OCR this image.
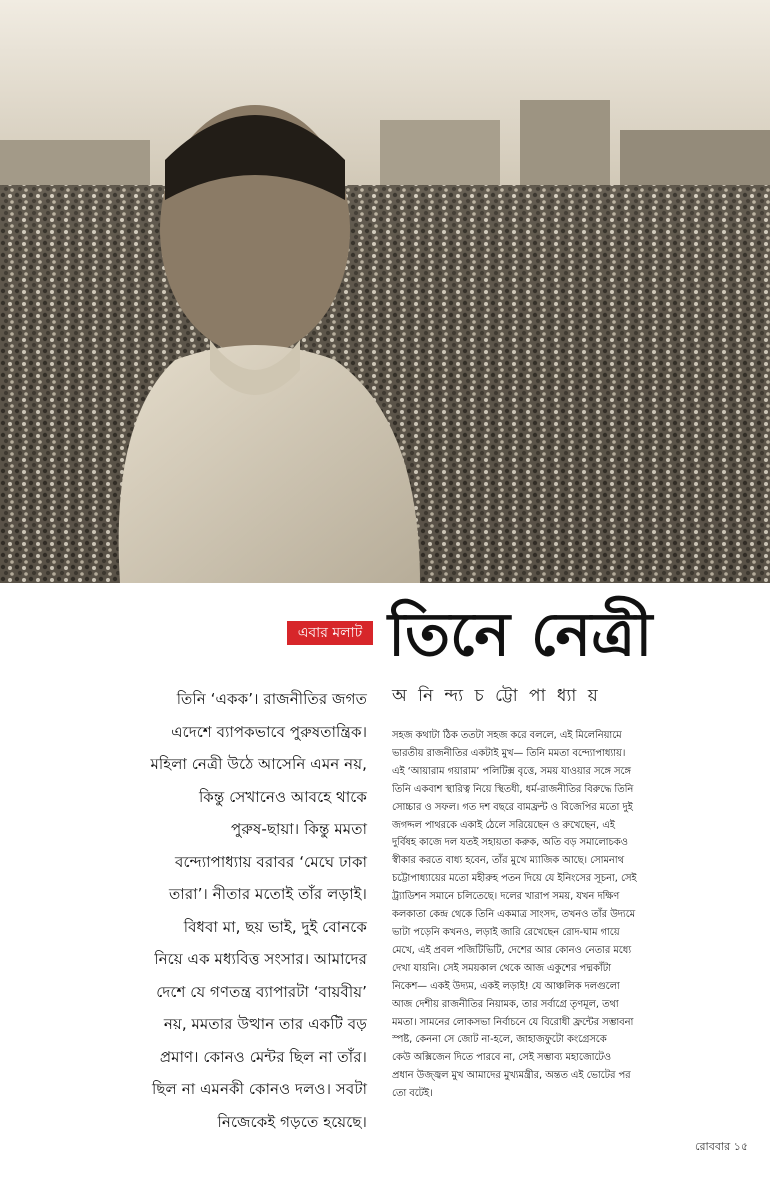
এবার মলাট তিনে নেত্রী
অ নি ন্দ্য চ ট্টো পা ধ্যা য়
তিনি ‘একক’। রাজনীতির জগত
এদেশে ব্যাপকভাবে পুরুষতান্ত্রিক।
মহিলা নেত্রী উঠে আসেনি এমন নয়,
কিন্তু সেখানেও আবহে থাকে
পুরুষ-ছায়া। কিন্তু মমতা
বন্দ্যোপাধ্যায় বরাবর ‘মেঘে ঢাকা
তারা’। নীতার মতোই তাঁর লড়াই।
বিধবা মা, ছয় ভাই, দুই বোনকে
নিয়ে এক মধ্যবিত্ত সংসার। আমাদের
দেশে যে গণতন্ত্র ব্যাপারটা ‘বায়বীয়’
নয়, মমতার উত্থান তার একটি বড়
প্রমাণ। কোনও মেন্টর ছিল না তাঁর।
ছিল না এমনকী কোনও দলও। সবটা
নিজেকেই গড়তে হয়েছে।
সহজ কথাটা ঠিক ততটা সহজ করে বললে, এই মিলেনিয়ামে
ভারতীয় রাজনীতির একটাই মুখ— তিনি মমতা বন্দ্যোপাধ্যায়।
এই ‘আয়ারাম গয়ারাম’ পলিটিক্স বৃত্তে, সময় যাওয়ার সঙ্গে সঙ্গে
তিনি একবাশ স্থারিত্ব নিয়ে স্থিতধী, ধর্ম-রাজনীতির বিরুদ্ধে তিনি
সোচ্চার ও সফল। গত দশ বছরে বামফ্রন্ট ও বিজেপির মতো দুই
জগদ্দল পাথরকে একাই ঠেলে সরিয়েছেন ও রুখেছেন, এই
দুর্বিষহ কাজে দল যতই সহায়তা করুক, অতি বড় সমালোচকও
স্বীকার করতে বাধ্য হবেন, তাঁর মুখে ম্যাজিক আছে। সোমনাথ
চট্টোপাধ্যায়ের মতো মহীরুহ পতন দিয়ে যে ইনিংসের সূচনা, সেই
ট্র্যাডিশন সমানে চলিতেছে। দলের খারাপ সময়, যখন দক্ষিণ
কলকাতা কেন্দ্র থেকে তিনি একমাত্র সাংসদ, তখনও তাঁর উদ্যমে
ভাটা পড়েনি কখনও, লড়াই জারি রেখেছেন রোদ-ঘাম গায়ে
মেখে, এই প্রবল পজিটিভিটি, দেশের আর কোনও নেতার মধ্যে
দেখা যায়নি। সেই সময়কাল থেকে আজ একুশের পদ্মকাঁটা
নিকেশ— একই উদ্যম, একই লড়াই! যে আঞ্চলিক দলগুলো
আজ দেশীয় রাজনীতির নিয়ামক, তার সর্বাগ্রে তৃণমূল, তথা
মমতা। সামনের লোকসভা নির্বাচনে যে বিরোধী ফ্রন্টের সম্ভাবনা
স্পষ্ট, কেননা সে জোট না-হলে, জাহাজফুটো কংগ্রেসকে
কেউ অক্সিজেন দিতে পারবে না, সেই সম্ভাব্য মহাজোটেও
প্রধান উজ্জ্বল মুখ আমাদের মুখ্যমন্ত্রীর, অন্তত এই ভোটের পর
তো বটেই।
রোববার ১৫
